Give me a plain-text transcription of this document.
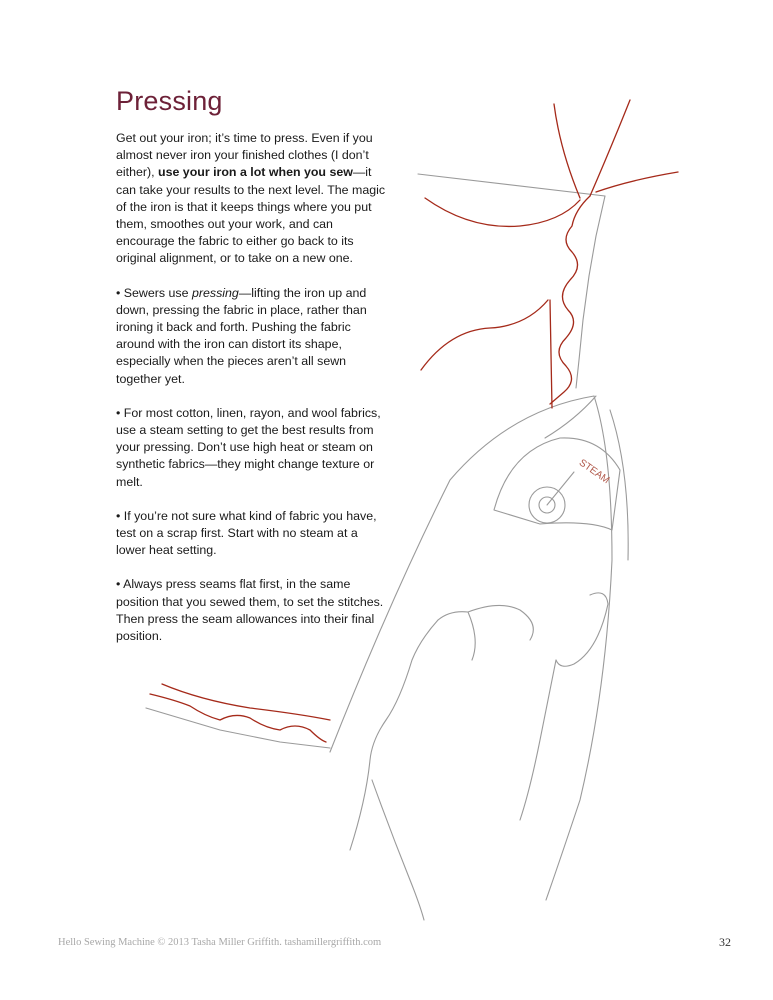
Pressing

Get out your iron; it’s time to press. Even if you almost never iron your finished clothes (I don’t either), use your iron a lot when you sew—it can take your results to the next level. The magic of the iron is that it keeps things where you put them, smoothes out your work, and can encourage the fabric to either go back to its original alignment, or to take on a new one.

• Sewers use pressing—lifting the iron up and down, pressing the fabric in place, rather than ironing it back and forth. Pushing the fabric around with the iron can distort its shape, especially when the pieces aren’t all sewn together yet.

• For most cotton, linen, rayon, and wool fabrics, use a steam setting to get the best results from your pressing. Don’t use high heat or steam on synthetic fabrics—they might change texture or melt.

• If you’re not sure what kind of fabric you have, test on a scrap first. Start with no steam at a lower heat setting.

• Always press seams flat first, in the same position that you sewed them, to set the stitches. Then press the seam allowances into their final position.

STEAM
Hello Sewing Machine © 2013 Tasha Miller Griffith. tashamillergriffith.com	32
